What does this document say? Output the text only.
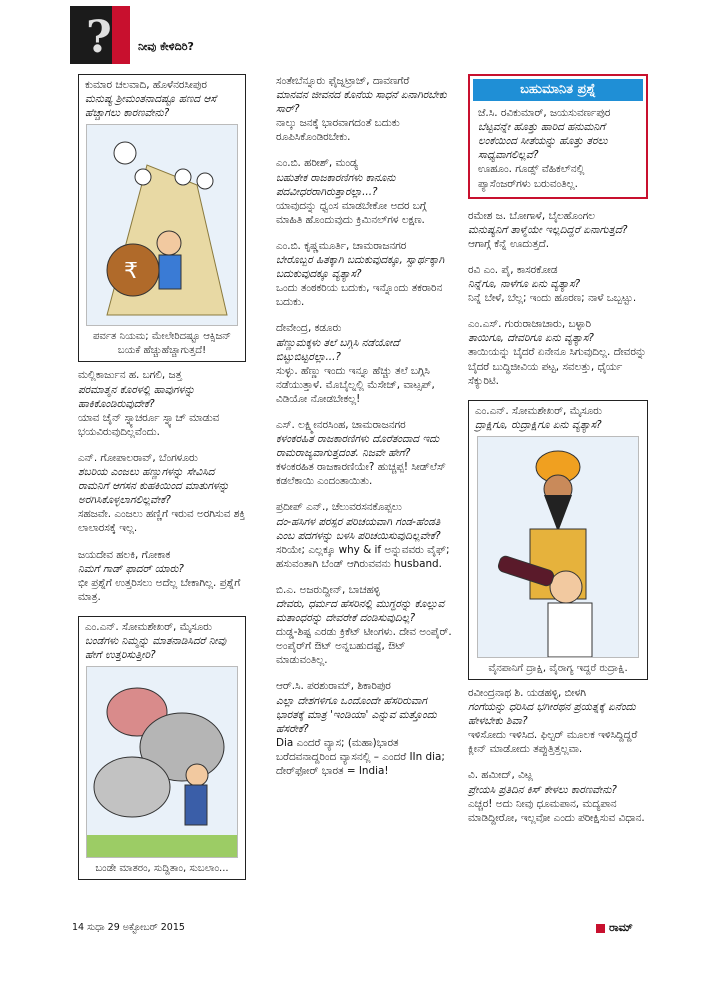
? ನೀವು ಕೇಳಿದಿರಿ?
ಕುಮಾರ ಚಲವಾದಿ, ಹೊಳೆನರಸೀಪುರ
ಮನುಷ್ಯ ಶ್ರೀಮಂತನಾದಷ್ಟೂ ಹಣದ ಆಸೆ ಹೆಚ್ಚಾಗಲು ಕಾರಣವೇನು?
₹
ಪರ್ವತ ನಿಯಮ; ಮೇಲೇರಿದಷ್ಟೂ ಆಕ್ಸಿಜನ್ ಬಯಕೆ ಹೆಚ್ಚುಹೆಚ್ಚಾಗುತ್ತದೆ!
ಮಲ್ಲಿಕಾರ್ಜುನ ಹ. ಬಗಲಿ, ಜತ್ತ
ಪರಮಾತ್ಮನ ಕೊರಳಲ್ಲಿ ಹಾವುಗಳನ್ನು ಹಾಕಿಕೊಂಡಿರುವುದೇಕೆ?
ಯಾವ ಚೈನ್ ಸ್ನ್ಯಾಚರ್ರೂ ಸ್ನ್ಯಾಚ್ ಮಾಡುವ ಭಯವಿರುವುದಿಲ್ಲವೆಂದು.
ಎನ್. ಗೋಪಾಲರಾವ್, ಬೆಂಗಳೂರು
ಶಬರಿಯ ಎಂಜಲು ಹಣ್ಣುಗಳನ್ನು ಸೇವಿಸಿದ ರಾಮನಿಗೆ ಆಗಸನ ಕುಹಕಿಯಿಂದ ಮಾತುಗಳನ್ನು ಅರಗಿಸಿಕೊಳ್ಳಲಾಗಲಿಲ್ಲವೇಕೆ?
ಸಹಜವೇ. ಎಂಜಲು ಹಣ್ಣಿಗೆ ಇರುವ ಅರಗಿಸುವ ಶಕ್ತಿ ಲಾಲಾರಸಕ್ಕೆ ಇಲ್ಲ.
ಜಯದೇವ ಹಲಕಿ, ಗೋಕಾಕ
ನಿಮಗೆ ಗಾಡ್ ಫಾದರ್ ಯಾರು?
ಭೀ ಪ್ರಶ್ನೆಗೆ ಉತ್ತರಿಸಲು ಅದೆಲ್ಲ ಬೇಕಾಗಿಲ್ಲ. ಪ್ರಶ್ನೆಗೆ ಮಾತ್ರ.
ಎಂ.ಎನ್. ಸೋಮಶೇಖರ್, ಮೈಸೂರು
ಬಂಡೆಗಳು ನಿಮ್ಮನ್ನು ಮಾತನಾಡಿಸಿದರೆ ನೀವು ಹೇಗೆ ಉತ್ತರಿಸುತ್ತೀರಿ?
ಬಂಡೇ ಮಾತರಂ, ಸುದ್ದಿತಾಂ, ಸುಬಲಾಂ...
ಸಂತೇಬೆನ್ನೂರು ಫೈಜ್ನಟ್ರಾಜ್, ದಾವಣಗೆರೆ
ಮಾನವನ ಜೀವನದ ಕೊನೆಯ ಸಾಧನೆ ಏನಾಗಿರಬೇಕು ಸಾರ್?
ನಾಲ್ಕು ಜನಕ್ಕೆ ಭಾರವಾಗದಂತೆ ಬದುಕು ರೂಪಿಸಿಕೊಂಡಿರಬೇಕು.
ಎಂ.ಬಿ. ಹರೀಶ್, ಮಂಡ್ಯ
ಬಹುತೇಕ ರಾಜಕಾರಣಿಗಳು ಕಾನೂನು ಪದವೀಧರರಾಗಿರುತ್ತಾರಲ್ಲಾ...?
ಯಾವುದನ್ನು ಧ್ವಂಸ ಮಾಡಬೇಕೋ ಅದರ ಬಗ್ಗೆ ಮಾಹಿತಿ ಹೊಂದುವುದು ಕ್ರಿಮಿನಲ್‌ಗಳ ಲಕ್ಷಣ.
ಎಂ.ಬಿ. ಕೃಷ್ಣಮೂರ್ತಿ, ಚಾಮರಾಜನಗರ
ಬೇರೊಬ್ಬರ ಹಿತಕ್ಕಾಗಿ ಬದುಕುವುದಕ್ಕೂ, ಸ್ವಾರ್ಥಕ್ಕಾಗಿ ಬದುಕುವುದಕ್ಕೂ ವ್ಯತ್ಯಾಸ?
ಒಂದು ತಂಠಕರಿಯ ಬದುಕು, ಇನ್ನೊಂದು ತಕರಾರಿನ ಬದುಕು.
ದೇವೇಂದ್ರ, ಕಡೂರು
ಹೆಣ್ಣುಮಕ್ಕಳು ತಲೆ ಬಗ್ಗಿಸಿ ನಡೆಯೋದೆ ಬಿಟ್ಟುಬಿಟ್ಟರಲ್ಲಾ...?
ಸುಳ್ಳು. ಹೆಣ್ಣು ಇಂದು ಇನ್ನೂ ಹೆಚ್ಚು ತಲೆ ಬಗ್ಗಿಸಿ ನಡೆಯುತ್ತಾಳೆ. ಮೊಬೈಲ್ನಲ್ಲಿ ಮೆಸೇಜ್, ವಾಟ್ಸಪ್, ವಿಡಿಯೋ ನೋಡಬೇಕಲ್ಲ!
ಎಸ್. ಲಕ್ಷ್ಮೀನರಸಿಂಹ, ಚಾಮರಾಜನಗರ
ಕಳಂಕರಹಿತ ರಾಜಕಾರಣಿಗಳು ದೊರೆತಂದಾದ ಇದು ರಾಮರಾಜ್ಯವಾಗುತ್ತದಂತೆ. ನಿಜವೇ ಹೇಗೆ?
ಕಳಂಕರಹಿತ ರಾಜಕಾರಣಿಯೇ? ಹುಚ್ಚಪ್ಪ! ಸೀಡ್‌ಲೆಸ್ ಕಡಲೆಕಾಯಿ ಎಂದಂತಾಯಿತು.
ಪ್ರದೀಪ್ ಎನ್., ಚೆಲುವರಸನಕೊಪ್ಪಲು
ದಂ-ಹಸಿಗಳ ಪರಸ್ಪರ ಪರಿಚಯವಾಗಿ ಗಂಡ-ಹೆಂಡತಿ ಎಂಬ ಪದಗಳನ್ನು ಬಳಸಿ ಪರಿಚಯಿಸುವುದಿಲ್ಲವೇಕೆ?
ಸರಿಯೇ; ಎಲ್ಲಕ್ಕೂ why & if ಅನ್ನುವವರು ವೈಫ್; ಹಸುವಂತಾಗಿ ಬೆಂಡ್ ಆಗಿರುವವನು husband.
ಬಿ.ಎ. ಅಜರುದ್ದೀನ್, ಬಾಚಹಳ್ಳಿ
ದೇವರು, ಧರ್ಮದ ಹೆಸರಿನಲ್ಲಿ ಮುಗ್ಧರನ್ನು ಕೊಲ್ಲುವ ಮತಾಂಧರನ್ನು ದೇವರೇಕೆ ದಂಡಿಸುವುದಿಲ್ಲ?
ದುಡ್ಡ-ಶಿಷ್ಟ ಎರಡು ಕ್ರಿಕೆಟ್ ಟೀಂಗಳು. ದೇವ ಅಂಪೈರ್. ಅಂಪೈರ್‌ಗೆ ಔಟ್ ಅನ್ನಬಹುದಷ್ಟೆ, ಔಟ್ ಮಾಡುವಂತಿಲ್ಲ.
ಆರ್.ಸಿ. ಪರಶುರಾಮ್, ಶಿಕಾರಿಪುರ
ಎಲ್ಲಾ ದೇಶಗಳಿಗೂ ಒಂದೊಂದೇ ಹೆಸರಿರುವಾಗ ಭಾರತಕ್ಕೆ ಮಾತ್ರ 'ಇಂಡಿಯಾ' ಎನ್ನುವ ಮತ್ತೊಂದು ಹೆಸರೇಕೆ?
Dia ಎಂದರೆ ವ್ಯಾಸ; (ಮಹಾ)ಭಾರತ ಬರೆದವನಾದ್ದರಿಂದ ವ್ಯಾಸನಲ್ಲಿ – ಎಂದರೆ IIn dia; ದೇರ್‌ಫೋರ್ ಭಾರತ = India!
ಬಹುಮಾನಿತ ಪ್ರಶ್ನೆ
ಜೆ.ಸಿ. ರವಿಕುಮಾರ್, ಜಯಸುವರ್ಣಪುರ
ಬೆಟ್ಟವನ್ನೇ ಹೊತ್ತು ಹಾರಿದ ಹನುಮನಿಗೆ ಲಂಕೆಯಿಂದ ಸೀತೆಯನ್ನು ಹೊತ್ತು ತರಲು ಸಾಧ್ಯವಾಗಲಿಲ್ಲವೆ?
ಊಹೂಂ. ಗೂಡ್ಸ್ ವೆಹಿಕಲ್‌ನಲ್ಲಿ ಪ್ಯಾಸೆಂಜರ್‌ಗಳು ಬರುವಂತಿಲ್ಲ.
ರಮೇಶ ಜ. ಬೋಗಾಳೆ, ಬೈಲಹೊಂಗಲ
ಮನುಷ್ಯನಿಗೆ ತಾಳ್ಮೆಯೇ ಇಲ್ಲದಿದ್ದರೆ ಏನಾಗುತ್ತದೆ?
ಆಗಾಗ್ಗೆ ಕೆನ್ನೆ ಊದುತ್ತದೆ.
ರವಿ ಎಂ. ಪೈ, ಕಾಸರಕೋಡ
ನಿನ್ನೆಗೂ, ನಾಳೆಗೂ ಏನು ವ್ಯತ್ಯಾಸ?
ನಿನ್ನೆ ಬೇಳೆ, ಬೆಲ್ಲ; ಇಂದು ಹೂರಣ; ನಾಳೆ ಒಬ್ಬಟ್ಟು.
ಎಂ.ಎಸ್. ಗುರುರಾಜಾಚಾರು, ಬಳ್ಳಾರಿ
ತಾಯಿಗೂ, ದೇವರಿಗೂ ಏನು ವ್ಯತ್ಯಾಸ?
ತಾಯಿಯನ್ನು ಬೈದರೆ ಏನೇನೂ ಸಿಗುವುದಿಲ್ಲ. ದೇವರನ್ನು ಬೈದರೆ ಬುದ್ಧಿಜೀವಿಯ ಪಟ್ಟ, ಸವಲತ್ತು, ಧೈರ್ಯ ಸೆಕ್ಯುರಿಟಿ.
ಎಂ.ಎನ್. ಸೋಮಶೇಖರ್, ಮೈಸೂರು
ದ್ರಾಕ್ಷಿಗೂ, ರುದ್ರಾಕ್ಷಿಗೂ ಏನು ವ್ಯತ್ಯಾಸ?
ವೈನಪಾನಿಗೆ ದ್ರಾಕ್ಷಿ, ವೈರಾಗ್ಯ ಇದ್ದರೆ ರುದ್ರಾಕ್ಷಿ.
ರವೀಂದ್ರನಾಥ ಶಿ. ಯಡಹಳ್ಳಿ, ಬೀಳಗಿ
ಗಂಗೆಯನ್ನು ಧರಿಸಿದ ಭಗೀರಥನ ಪ್ರಯತ್ನಕ್ಕೆ ಏನೆಂದು ಹೇಳಬೇಕು ಶಿವಾ?
ಇಳಿಸೋದು ಇಳಿಸಿದ. ಫಿಲ್ಟರ್ ಮೂಲಕ ಇಳಿಸಿದ್ದಿದ್ದರೆ ಕ್ಲೀನ್ ಮಾಡೋದು ತಪ್ಪುತ್ತಿತ್ತಲ್ಲವಾ.
ವಿ. ಹಮೀದ್, ವಿಟ್ಲ
ಪ್ರೇಯಸಿ ಪ್ರತಿದಿನ ಕಿಸ್ ಕೇಳಲು ಕಾರಣವೇನು?
ಎಚ್ಚರ! ಅದು ನೀವು ಧೂಮಪಾನ, ಮದ್ಯಪಾನ ಮಾಡಿದ್ದೀರೋ, ಇಲ್ಲವೋ ಎಂದು ಪರೀಕ್ಷಿಸುವ ವಿಧಾನ.
14 ಸುಧಾ 29 ಅಕ್ಟೋಬರ್ 2015	ರಾಮ್
